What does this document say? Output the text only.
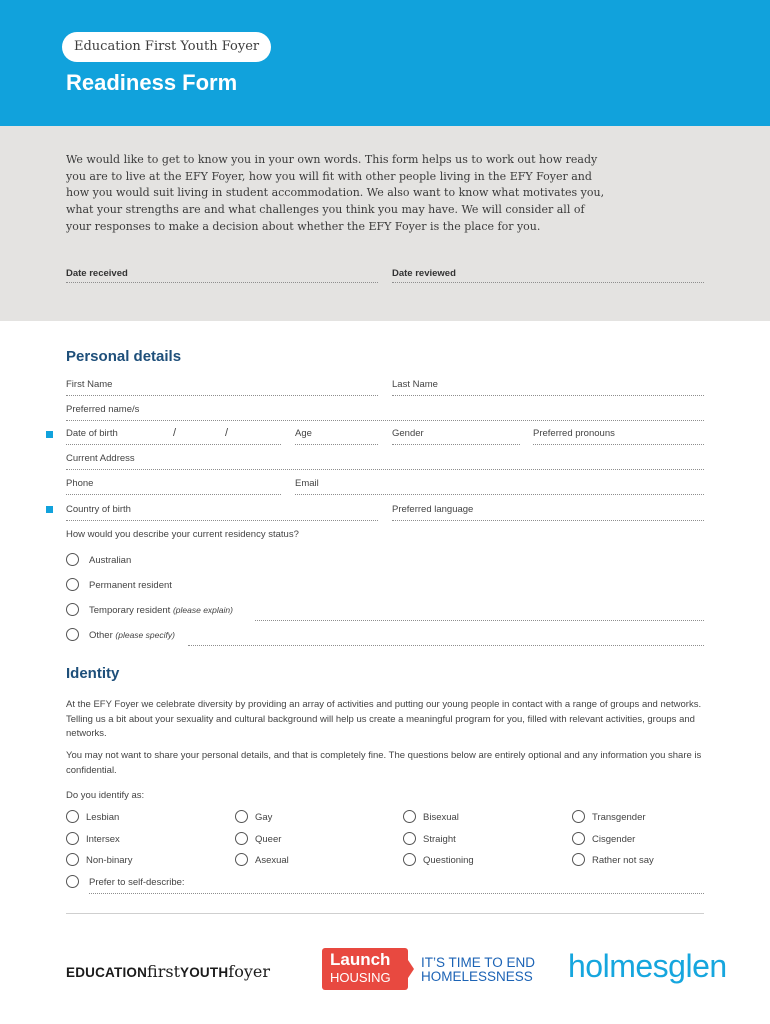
Education First Youth Foyer
Readiness Form
We would like to get to know you in your own words. This form helps us to work out how ready
you are to live at the EFY Foyer, how you will fit with other people living in the EFY Foyer and
how you would suit living in student accommodation. We also want to know what motivates you,
what your strengths are and what challenges you think you may have. We will consider all of
your responses to make a decision about whether the EFY Foyer is the place for you.
Date received	Date reviewed
Personal details
First Name	Last Name
Preferred name/s
Date of birth	/	/	Age	Gender	Preferred pronouns
Current Address
Phone	Email
Country of birth	Preferred language
How would you describe your current residency status?
Australian
Permanent resident
Temporary resident (please explain)
Other (please specify)
Identity
At the EFY Foyer we celebrate diversity by providing an array of activities and putting our young people in contact with a range of groups and networks. Telling us a bit about your sexuality and cultural background will help us create a meaningful program for you, filled with relevant activities, groups and networks.
You may not want to share your personal details, and that is completely fine. The questions below are entirely optional and any information you share is confidential.
Do you identify as:
Lesbian	Gay	Bisexual	Transgender
Intersex	Queer	Straight	Cisgender
Non-binary	Asexual	Questioning	Rather not say
Prefer to self-describe:
EDUCATIONfirstYOUTHfoyer
Launch
HOUSING
IT’S TIME TO END
HOMELESSNESS holmesglen
